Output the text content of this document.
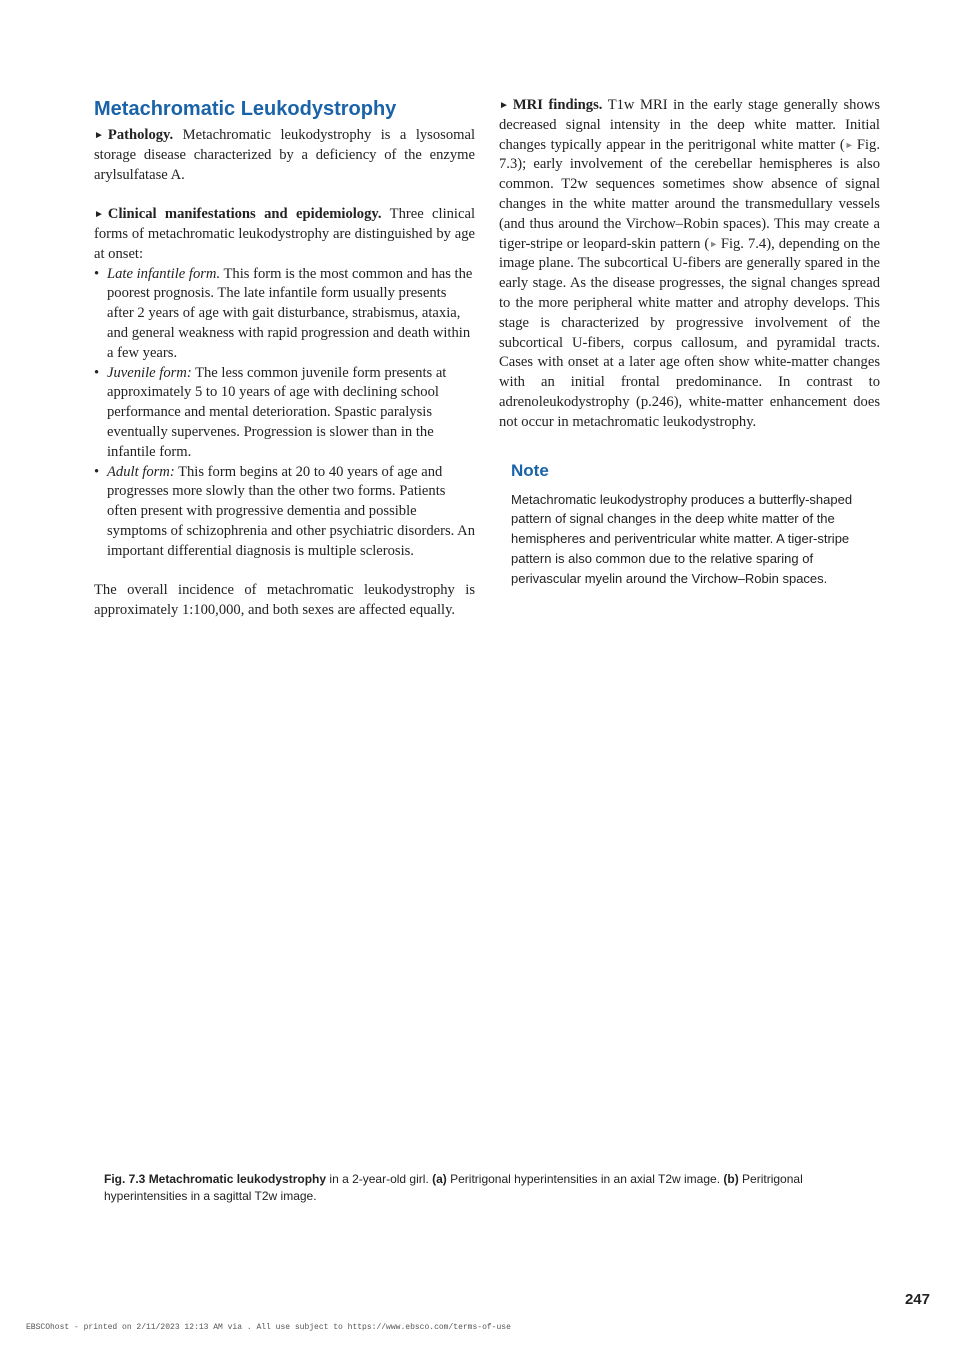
Metachromatic Leukodystrophy

► Pathology. Metachromatic leukodystrophy is a lysosomal storage disease characterized by a deficiency of the enzyme arylsulfatase A.

► Clinical manifestations and epidemiology. Three clinical forms of metachromatic leukodystrophy are distinguished by age at onset:

• Late infantile form. This form is the most common and has the poorest prognosis. The late infantile form usually presents after 2 years of age with gait disturbance, strabismus, ataxia, and general weakness with rapid progression and death within a few years.
• Juvenile form: The less common juvenile form presents at approximately 5 to 10 years of age with declining school performance and mental deterioration. Spastic paralysis eventually supervenes. Progression is slower than in the infantile form.
• Adult form: This form begins at 20 to 40 years of age and progresses more slowly than the other two forms. Patients often present with progressive dementia and possible symptoms of schizophrenia and other psychiatric disorders. An important differential diagnosis is multiple sclerosis.

The overall incidence of metachromatic leukodystrophy is approximately 1:100,000, and both sexes are affected equally.

► MRI findings. T1w MRI in the early stage generally shows decreased signal intensity in the deep white matter. Initial changes typically appear in the peritrigonal white matter (► Fig. 7.3); early involvement of the cerebellar hemispheres is also common. T2w sequences sometimes show absence of signal changes in the white matter around the transmedullary vessels (and thus around the Virchow–Robin spaces). This may create a tiger-stripe or leopard-skin pattern (► Fig. 7.4), depending on the image plane. The subcortical U-fibers are generally spared in the early stage. As the disease progresses, the signal changes spread to the more peripheral white matter and atrophy develops. This stage is characterized by progressive involvement of the subcortical U-fibers, corpus callosum, and pyramidal tracts. Cases with onset at a later age often show white-matter changes with an initial frontal predominance. In contrast to adrenoleukodystrophy (p.246), white-matter enhancement does not occur in metachromatic leukodystrophy.

Note
Metachromatic leukodystrophy produces a butterfly-shaped pattern of signal changes in the deep white matter of the hemispheres and periventricular white matter. A tiger-stripe pattern is also common due to the relative sparing of perivascular myelin around the Virchow–Robin spaces.
Fig. 7.3 Metachromatic leukodystrophy in a 2-year-old girl. (a) Peritrigonal hyperintensities in an axial T2w image. (b) Peritrigonal hyperintensities in a sagittal T2w image.
247
EBSCOhost - printed on 2/11/2023 12:13 AM via . All use subject to https://www.ebsco.com/terms-of-use
